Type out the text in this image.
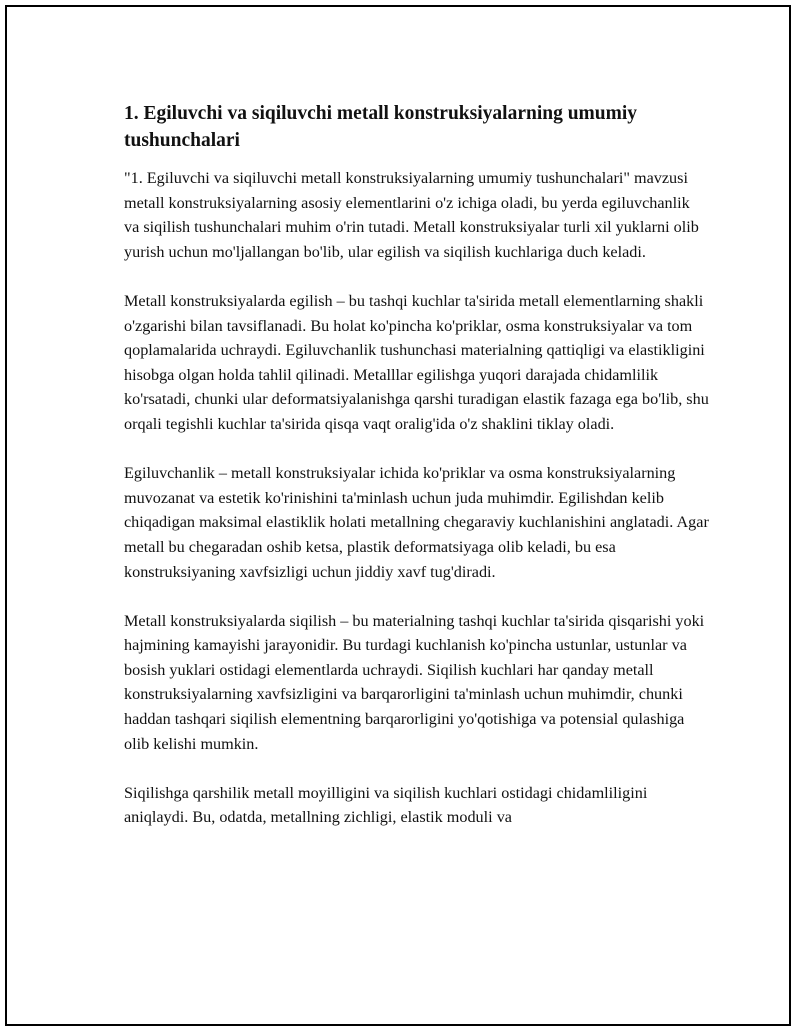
1. Egiluvchi va siqiluvchi metall konstruksiyalarning umumiy tushunchalari

"1. Egiluvchi va siqiluvchi metall konstruksiyalarning umumiy tushunchalari" mavzusi metall konstruksiyalarning asosiy elementlarini o'z ichiga oladi, bu yerda egiluvchanlik va siqilish tushunchalari muhim o'rin tutadi. Metall konstruksiyalar turli xil yuklarni olib yurish uchun mo'ljallangan bo'lib, ular egilish va siqilish kuchlariga duch keladi.

Metall konstruksiyalarda egilish – bu tashqi kuchlar ta'sirida metall elementlarning shakli o'zgarishi bilan tavsiflanadi. Bu holat ko'pincha ko'priklar, osma konstruksiyalar va tom qoplamalarida uchraydi. Egiluvchanlik tushunchasi materialning qattiqligi va elastikligini hisobga olgan holda tahlil qilinadi. Metalllar egilishga yuqori darajada chidamlilik ko'rsatadi, chunki ular deformatsiyalanishga qarshi turadigan elastik fazaga ega bo'lib, shu orqali tegishli kuchlar ta'sirida qisqa vaqt oralig'ida o'z shaklini tiklay oladi.

Egiluvchanlik – metall konstruksiyalar ichida ko'priklar va osma konstruksiyalarning muvozanat va estetik ko'rinishini ta'minlash uchun juda muhimdir. Egilishdan kelib chiqadigan maksimal elastiklik holati metallning chegaraviy kuchlanishini anglatadi. Agar metall bu chegaradan oshib ketsa, plastik deformatsiyaga olib keladi, bu esa konstruksiyaning xavfsizligi uchun jiddiy xavf tug'diradi.

Metall konstruksiyalarda siqilish – bu materialning tashqi kuchlar ta'sirida qisqarishi yoki hajmining kamayishi jarayonidir. Bu turdagi kuchlanish ko'pincha ustunlar, ustunlar va bosish yuklari ostidagi elementlarda uchraydi. Siqilish kuchlari har qanday metall konstruksiyalarning xavfsizligini va barqarorligini ta'minlash uchun muhimdir, chunki haddan tashqari siqilish elementning barqarorligini yo'qotishiga va potensial qulashiga olib kelishi mumkin.

Siqilishga qarshilik metall moyilligini va siqilish kuchlari ostidagi chidamliligini aniqlaydi. Bu, odatda, metallning zichligi, elastik moduli va
